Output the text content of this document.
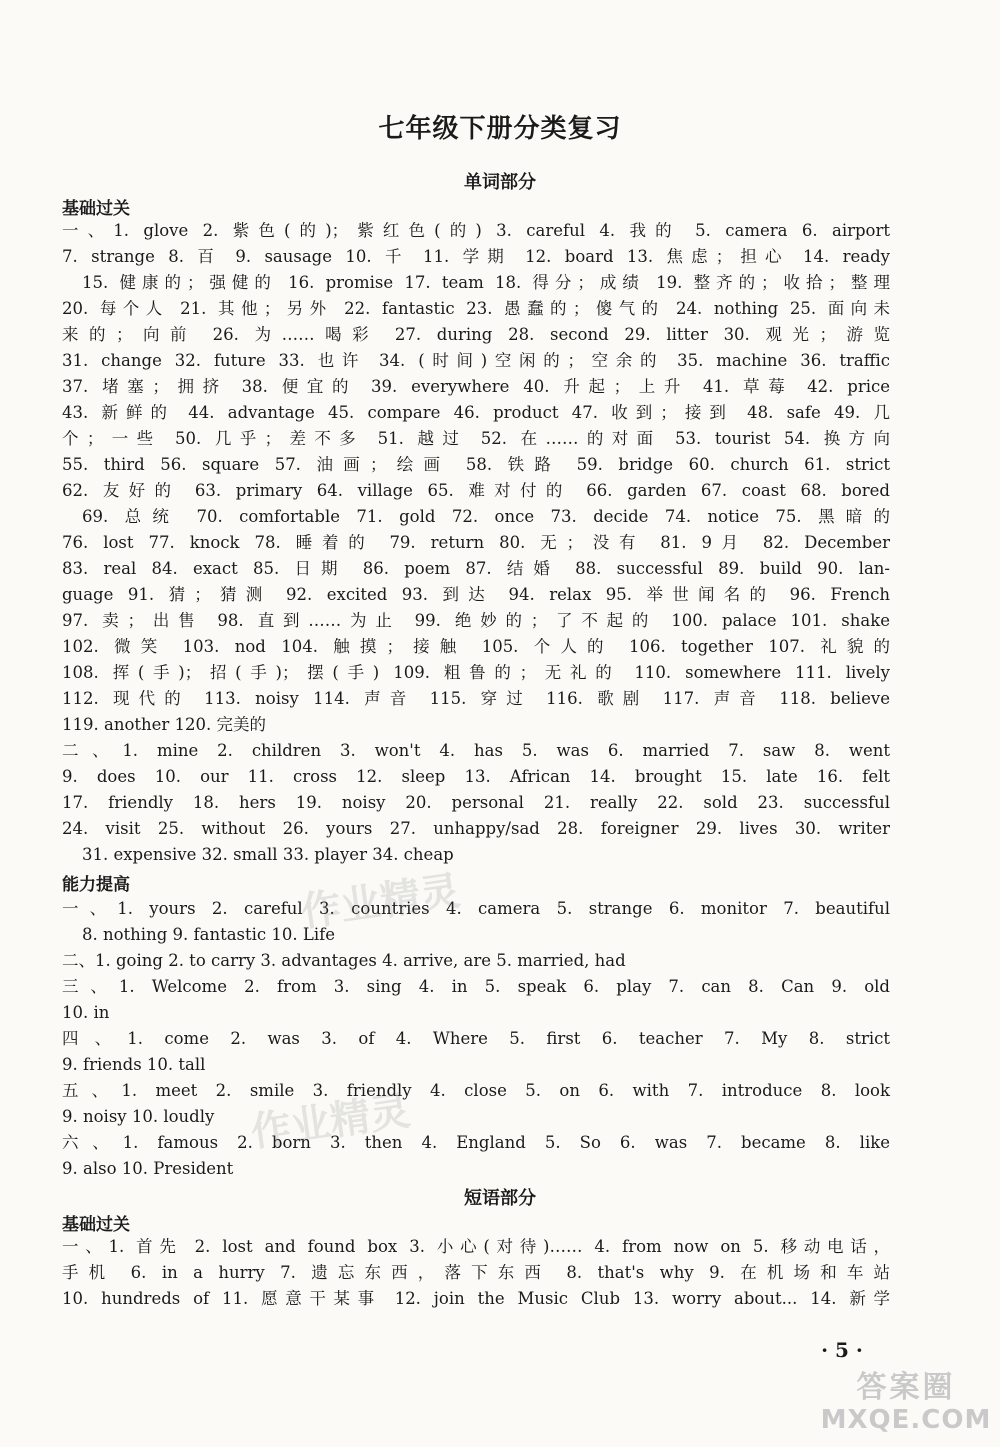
七年级下册分类复习
单词部分
基础过关
一、1. glove 2. 紫色(的)；紫红色(的) 3. careful 4. 我的 5. camera 6. airport
7. strange 8. 百 9. sausage 10. 千 11. 学期 12. board 13. 焦虑；担心 14. ready
15. 健康的；强健的 16. promise 17. team 18. 得分；成绩 19. 整齐的；收拾；整理
20. 每个人 21. 其他；另外 22. fantastic 23. 愚蠢的；傻气的 24. nothing 25. 面向未
来的；向前 26. 为……喝彩 27. during 28. second 29. litter 30. 观光；游览
31. change 32. future 33. 也许 34. (时间)空闲的；空余的 35. machine 36. traffic
37. 堵塞；拥挤 38. 便宜的 39. everywhere 40. 升起；上升 41. 草莓 42. price
43. 新鲜的 44. advantage 45. compare 46. product 47. 收到；接到 48. safe 49. 几
个；一些 50. 几乎；差不多 51. 越过 52. 在……的对面 53. tourist 54. 换方向
55. third 56. square 57. 油画；绘画 58. 铁路 59. bridge 60. church 61. strict
62. 友好的 63. primary 64. village 65. 难对付的 66. garden 67. coast 68. bored
69. 总统 70. comfortable 71. gold 72. once 73. decide 74. notice 75. 黑暗的
76. lost 77. knock 78. 睡着的 79. return 80. 无；没有 81. 9月 82. December
83. real 84. exact 85. 日期 86. poem 87. 结婚 88. successful 89. build 90. lan-
guage 91. 猜；猜测 92. excited 93. 到达 94. relax 95. 举世闻名的 96. French
97. 卖；出售 98. 直到……为止 99. 绝妙的；了不起的 100. palace 101. shake
102. 微笑 103. nod 104. 触摸；接触 105. 个人的 106. together 107. 礼貌的
108. 挥(手)；招(手)；摆(手) 109. 粗鲁的；无礼的 110. somewhere 111. lively
112. 现代的 113. noisy 114. 声音 115. 穿过 116. 歌剧 117. 声音 118. believe
119. another 120. 完美的
二、1. mine 2. children 3. won't 4. has 5. was 6. married 7. saw 8. went
9. does 10. our 11. cross 12. sleep 13. African 14. brought 15. late 16. felt
17. friendly 18. hers 19. noisy 20. personal 21. really 22. sold 23. successful
24. visit 25. without 26. yours 27. unhappy/sad 28. foreigner 29. lives 30. writer
31. expensive 32. small 33. player 34. cheap
能力提高
一、1. yours 2. careful 3. countries 4. camera 5. strange 6. monitor 7. beautiful
8. nothing 9. fantastic 10. Life
二、1. going 2. to carry 3. advantages 4. arrive, are 5. married, had
三、1. Welcome 2. from 3. sing 4. in 5. speak 6. play 7. can 8. Can 9. old
10. in
四、1. come 2. was 3. of 4. Where 5. first 6. teacher 7. My 8. strict
9. friends 10. tall
五、1. meet 2. smile 3. friendly 4. close 5. on 6. with 7. introduce 8. look
9. noisy 10. loudly
六、1. famous 2. born 3. then 4. England 5. So 6. was 7. became 8. like
9. also 10. President
短语部分
基础过关
一、1. 首先 2. lost and found box 3. 小心(对待)…… 4. from now on 5. 移动电话，
手机 6. in a hurry 7. 遗忘东西，落下东西 8. that's why 9. 在机场和车站
10. hundreds of 11. 愿意干某事 12. join the Music Club 13. worry about... 14. 新学
作业精灵
作业精灵
· 5 ·
答案圈
MXQE.COM
